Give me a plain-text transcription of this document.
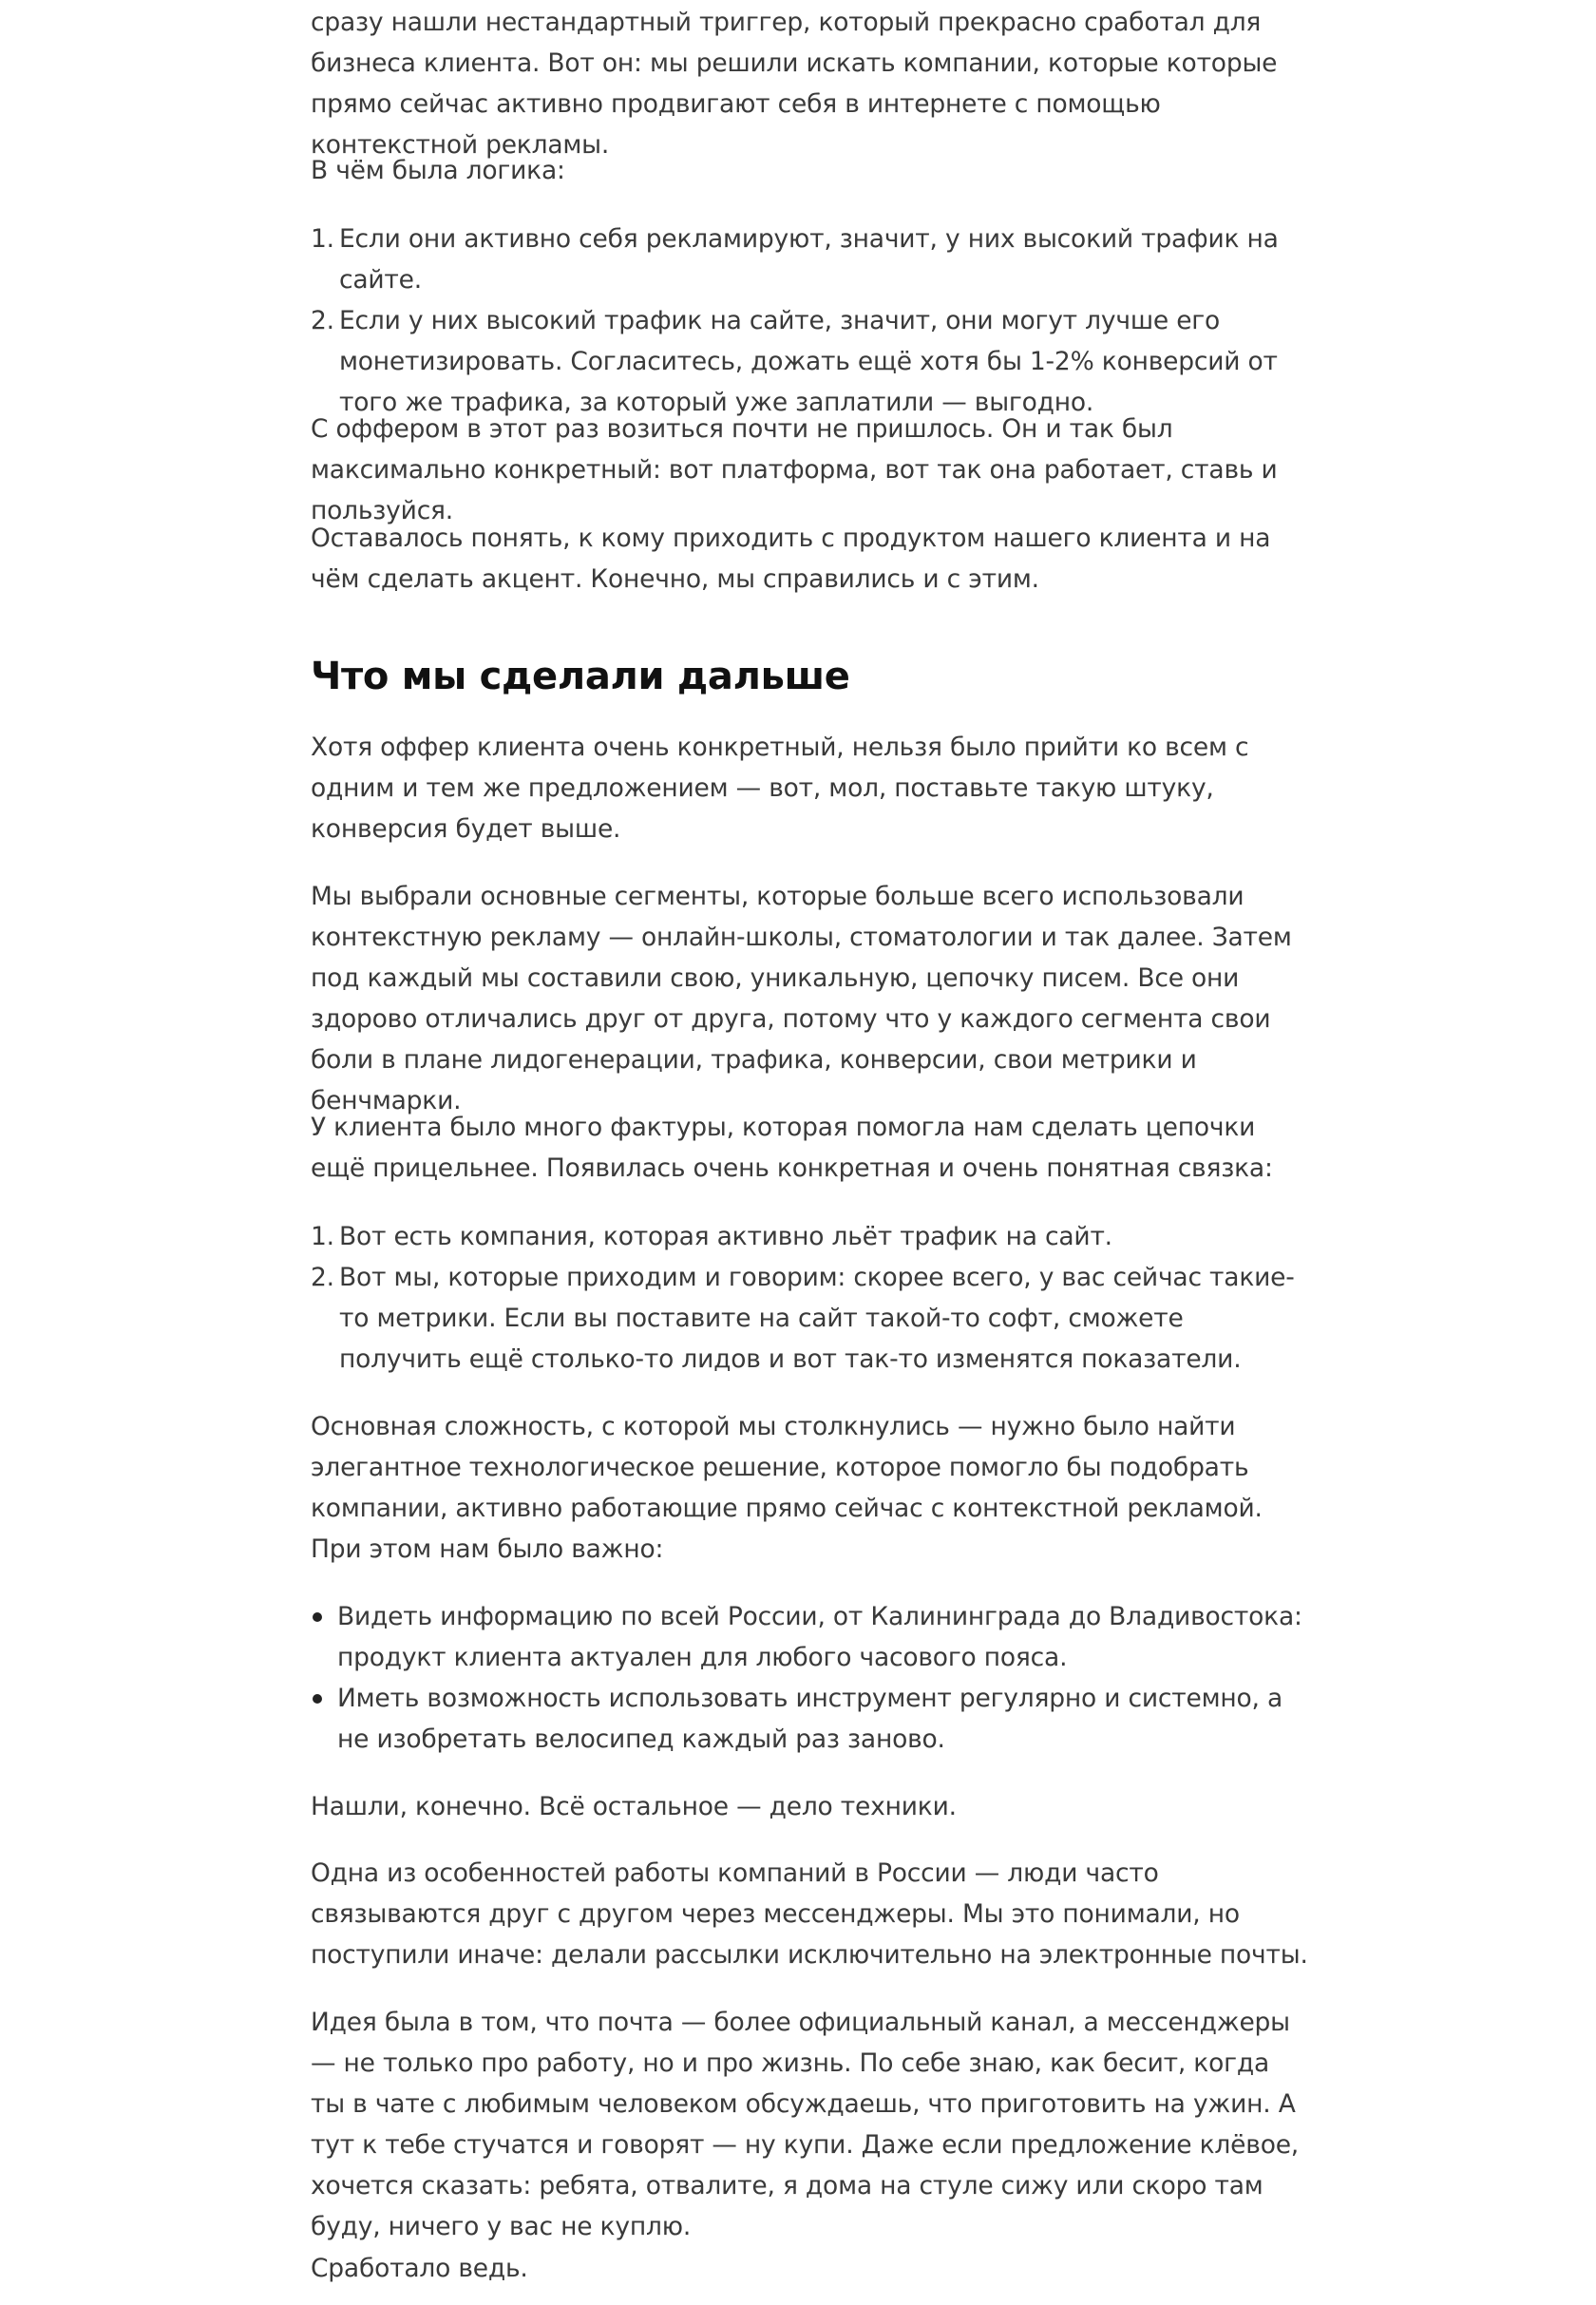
сразу нашли нестандартный триггер, который прекрасно сработал для бизнеса клиента. Вот он: мы решили искать компании, которые которые прямо сейчас активно продвигают себя в интернете с помощью контекстной рекламы.

В чём была логика:

1. Если они активно себя рекламируют, значит, у них высокий трафик на сайте.
2. Если у них высокий трафик на сайте, значит, они могут лучше его монетизировать. Согласитесь, дожать ещё хотя бы 1-2% конверсий от того же трафика, за который уже заплатили — выгодно.

С оффером в этот раз возиться почти не пришлось. Он и так был максимально конкретный: вот платформа, вот так она работает, ставь и пользуйся.

Оставалось понять, к кому приходить с продуктом нашего клиента и на чём сделать акцент. Конечно, мы справились и с этим.

Что мы сделали дальше

Хотя оффер клиента очень конкретный, нельзя было прийти ко всем с одним и тем же предложением — вот, мол, поставьте такую штуку, конверсия будет выше.

Мы выбрали основные сегменты, которые больше всего использовали контекстную рекламу — онлайн-школы, стоматологии и так далее. Затем под каждый мы составили свою, уникальную, цепочку писем. Все они здорово отличались друг от друга, потому что у каждого сегмента свои боли в плане лидогенерации, трафика, конверсии, свои метрики и бенчмарки.

У клиента было много фактуры, которая помогла нам сделать цепочки ещё прицельнее. Появилась очень конкретная и очень понятная связка:

1. Вот есть компания, которая активно льёт трафик на сайт.
2. Вот мы, которые приходим и говорим: скорее всего, у вас сейчас такие-то метрики. Если вы поставите на сайт такой-то софт, сможете получить ещё столько-то лидов и вот так-то изменятся показатели.

Основная сложность, с которой мы столкнулись — нужно было найти элегантное технологическое решение, которое помогло бы подобрать компании, активно работающие прямо сейчас с контекстной рекламой. При этом нам было важно:

Видеть информацию по всей России, от Калининграда до Владивостока: продукт клиента актуален для любого часового пояса.
Иметь возможность использовать инструмент регулярно и системно, а не изобретать велосипед каждый раз заново.

Нашли, конечно. Всё остальное — дело техники.

Одна из особенностей работы компаний в России — люди часто связываются друг с другом через мессенджеры. Мы это понимали, но поступили иначе: делали рассылки исключительно на электронные почты.

Идея была в том, что почта — более официальный канал, а мессенджеры — не только про работу, но и про жизнь. По себе знаю, как бесит, когда ты в чате с любимым человеком обсуждаешь, что приготовить на ужин. А тут к тебе стучатся и говорят — ну купи. Даже если предложение клёвое, хочется сказать: ребята, отвалите, я дома на стуле сижу или скоро там буду, ничего у вас не куплю.

Сработало ведь.
